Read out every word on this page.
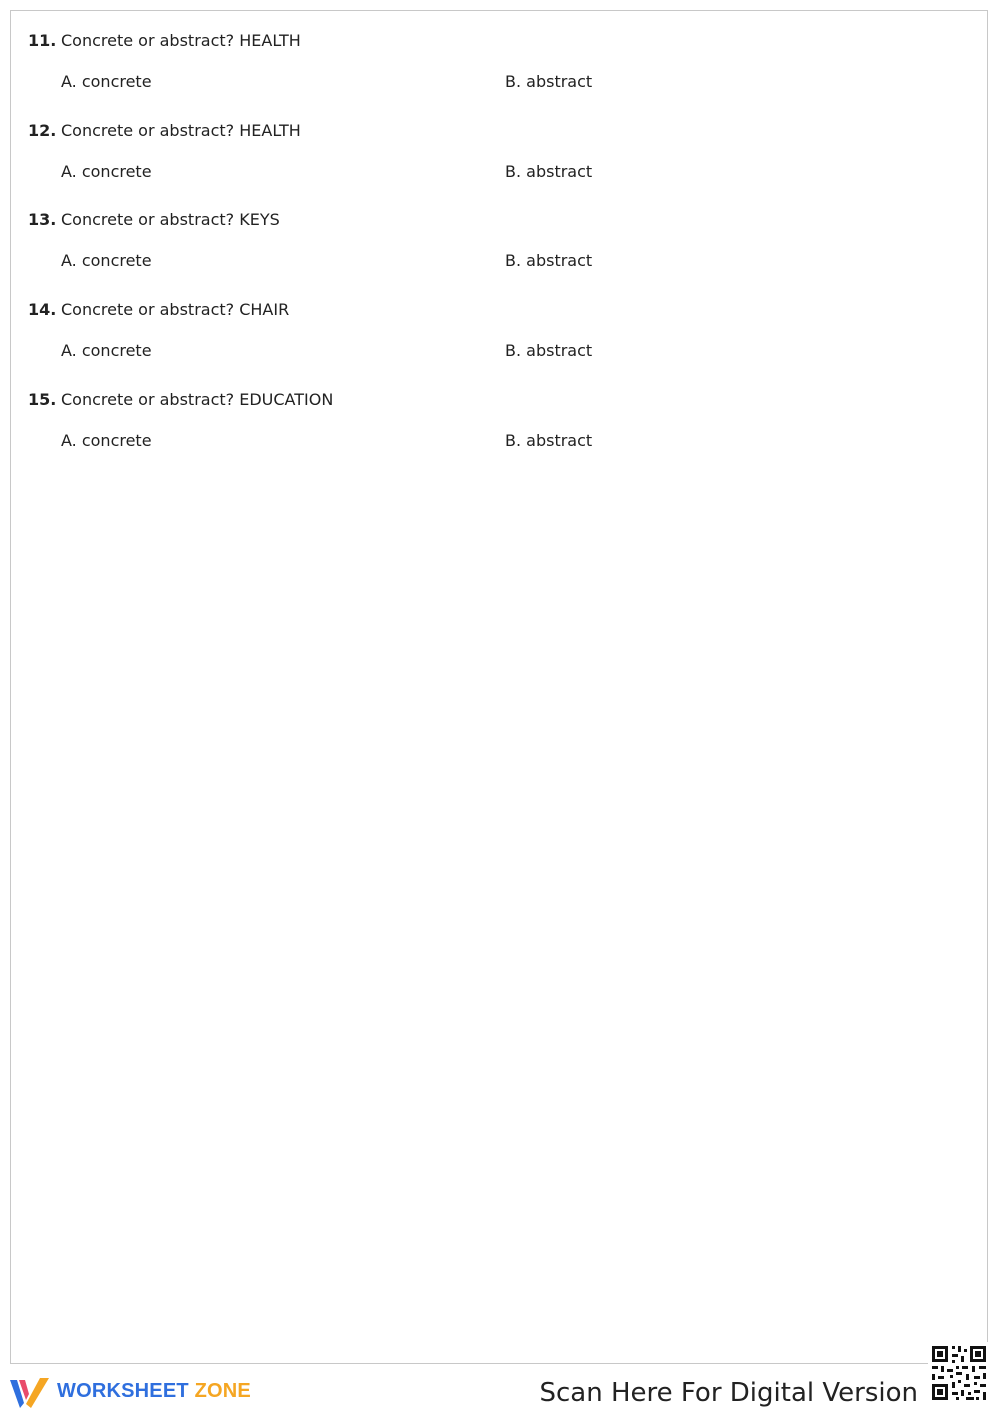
11. Concrete or abstract? HEALTH
A. concrete	B. abstract
12. Concrete or abstract? HEALTH
A. concrete	B. abstract
13. Concrete or abstract? KEYS
A. concrete	B. abstract
14. Concrete or abstract? CHAIR
A. concrete	B. abstract
15. Concrete or abstract? EDUCATION
A. concrete	B. abstract
WORKSHEET ZONE	Scan Here For Digital Version
